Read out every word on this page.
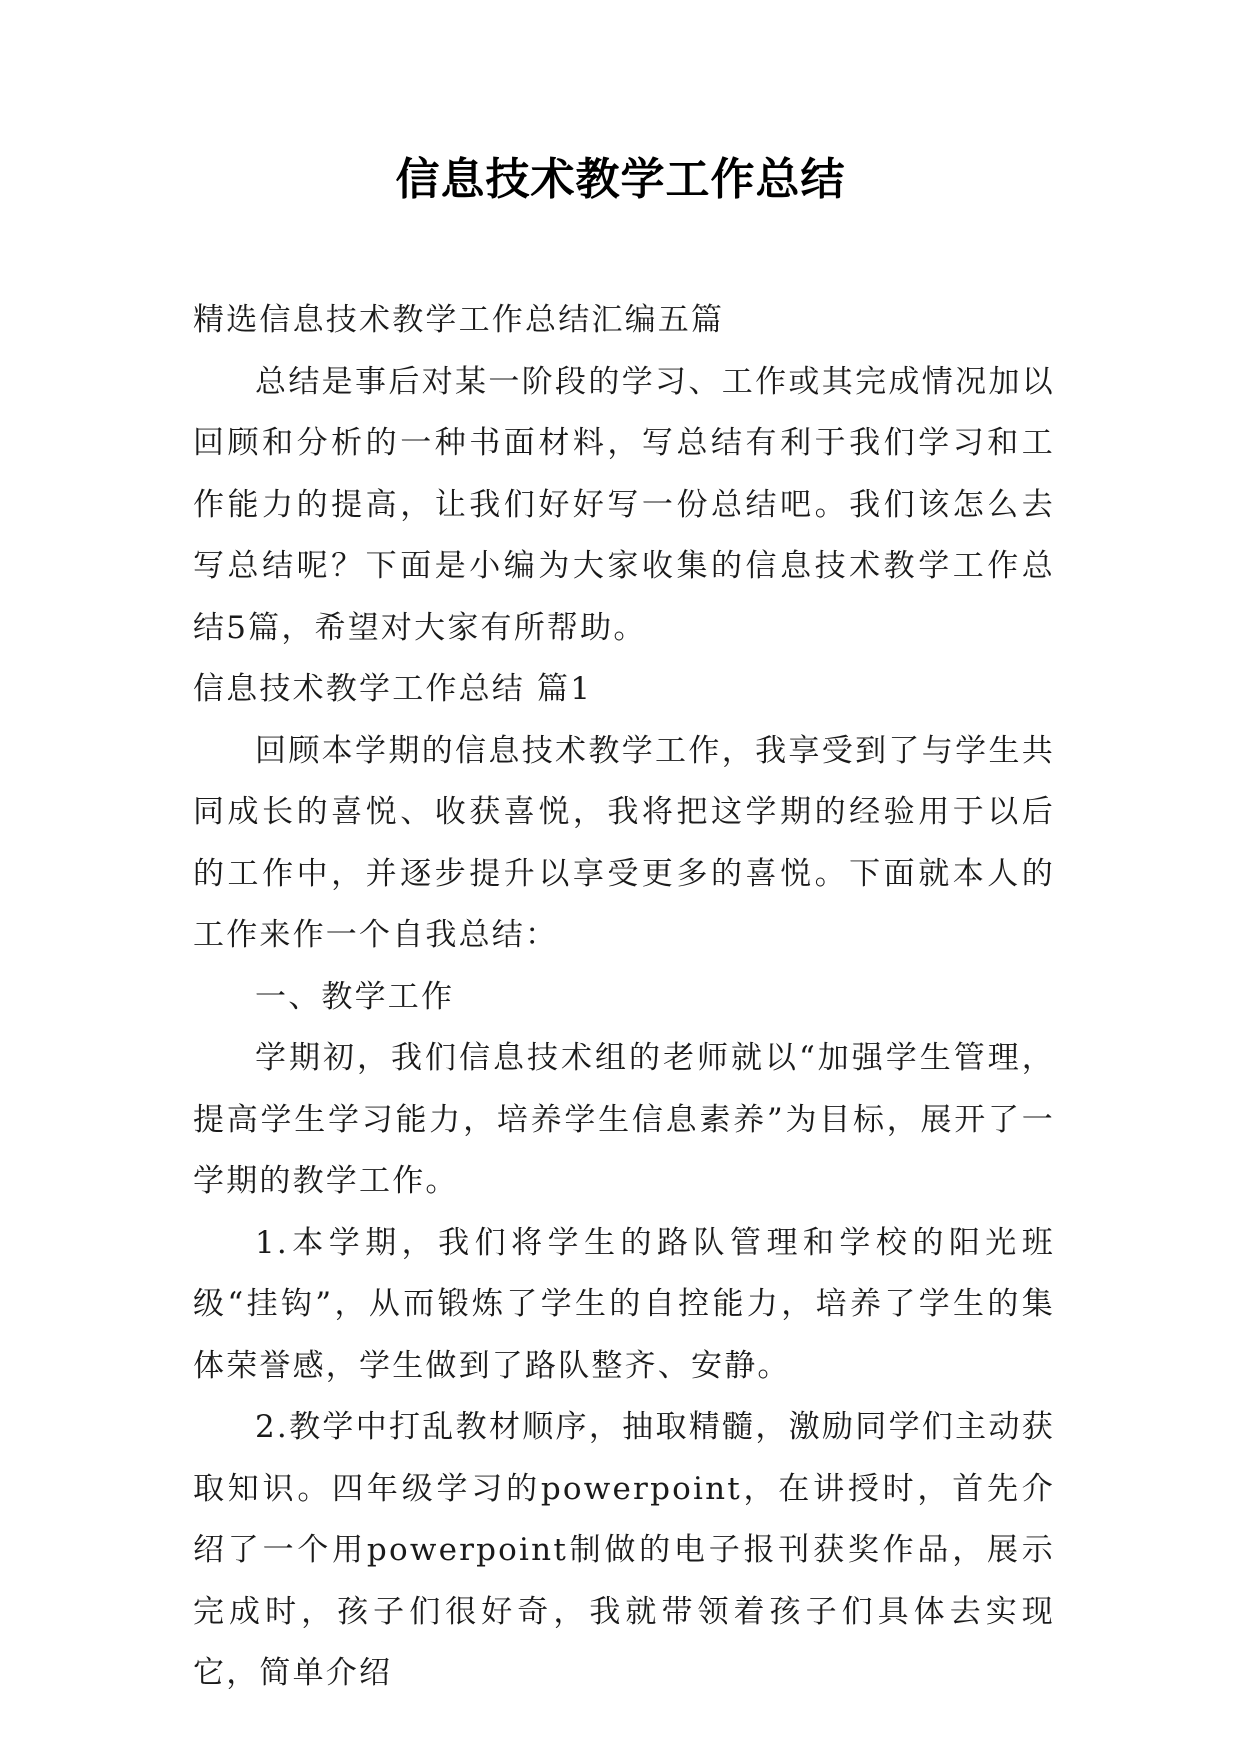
信息技术教学工作总结

精选信息技术教学工作总结汇编五篇

总结是事后对某一阶段的学习、工作或其完成情况加以回顾和分析的一种书面材料，写总结有利于我们学习和工作能力的提高，让我们好好写一份总结吧。我们该怎么去写总结呢？下面是小编为大家收集的信息技术教学工作总结5篇，希望对大家有所帮助。

信息技术教学工作总结 篇1

回顾本学期的信息技术教学工作，我享受到了与学生共同成长的喜悦、收获喜悦，我将把这学期的经验用于以后的工作中，并逐步提升以享受更多的喜悦。下面就本人的工作来作一个自我总结：

一、教学工作

学期初，我们信息技术组的老师就以“加强学生管理，提高学生学习能力，培养学生信息素养”为目标，展开了一学期的教学工作。

1.本学期，我们将学生的路队管理和学校的阳光班级“挂钩”，从而锻炼了学生的自控能力，培养了学生的集体荣誉感，学生做到了路队整齐、安静。

2.教学中打乱教材顺序，抽取精髓，激励同学们主动获取知识。四年级学习的powerpoint，在讲授时，首先介绍了一个用powerpoint制做的电子报刊获奖作品，展示完成时，孩子们很好奇，我就带领着孩子们具体去实现它，简单介绍
